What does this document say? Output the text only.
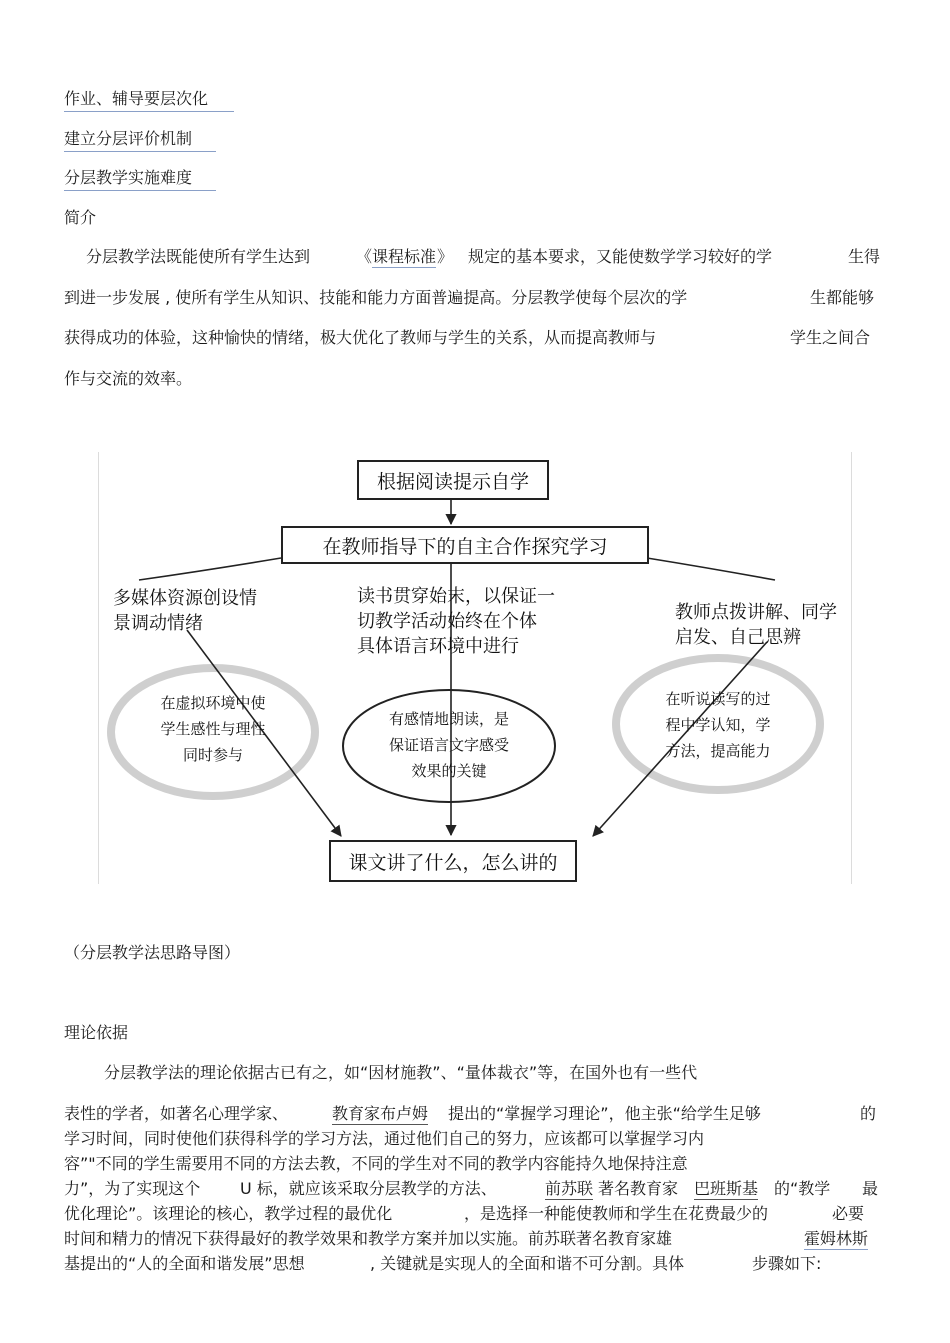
作业、辅导要层次化
建立分层评价机制
分层教学实施难度
简介
分层教学法既能使所有学生达到	《 课程标准 》 规定的基本要求，又能使数学学习较好的学	生得
到进一步发展 , 使所有学生从知识、技能和能力方面普遍提高。分层教学使每个层次的学	生都能够
获得成功的体验，这种愉快的情绪，极大优化了教师与学生的关系，从而提高教师与	学生之间合
作与交流的效率。
根据阅读提示自学
在教师指导下的自主合作探究学习
多媒体资源创设情
景调动情绪
读书贯穿始末，以保证一
切教学活动始终在个体
具体语言环境中进行
教师点拨讲解、同学
启发、自己思辨
在虚拟环境中使
学生感性与理性
同时参与
有感情地朗读，是
保证语言文字感受
效果的关键
在听说读写的过
程中学认知，学
方法，提高能力
课文讲了什么，怎么讲的
（分层教学法思路导图）
理论依据
分层教学法的理论依据古已有之，如“因材施教”、“量体裁衣”等，在国外也有一些代
表性的学者，如著名心理学家、	教育家布卢姆 提出的“掌握学习理论”，他主张“给学生足够	的
学习时间，同时使他们获得科学的学习方法，通过他们自己的努力，应该都可以掌握学习内
容”"不同的学生需要用不同的方法去教，不同的学生对不同的教学内容能持久地保持注意
力”，为了实现这个 U 标，就应该采取分层教学的方法、	前苏联 著名教育家 巴班斯基 的“教学 最
优化理论”。该理论的核心，教学过程的最优化	，是选择一种能使教师和学生在花费最少的	必要
时间和精力的情况下获得最好的教学效果和教学方案并加以实施。前苏联著名教育家雄	霍姆林斯
基提出的“人的全面和谐发展”思想	, 关键就是实现人的全面和谐不可分割。具体	步骤如下:
